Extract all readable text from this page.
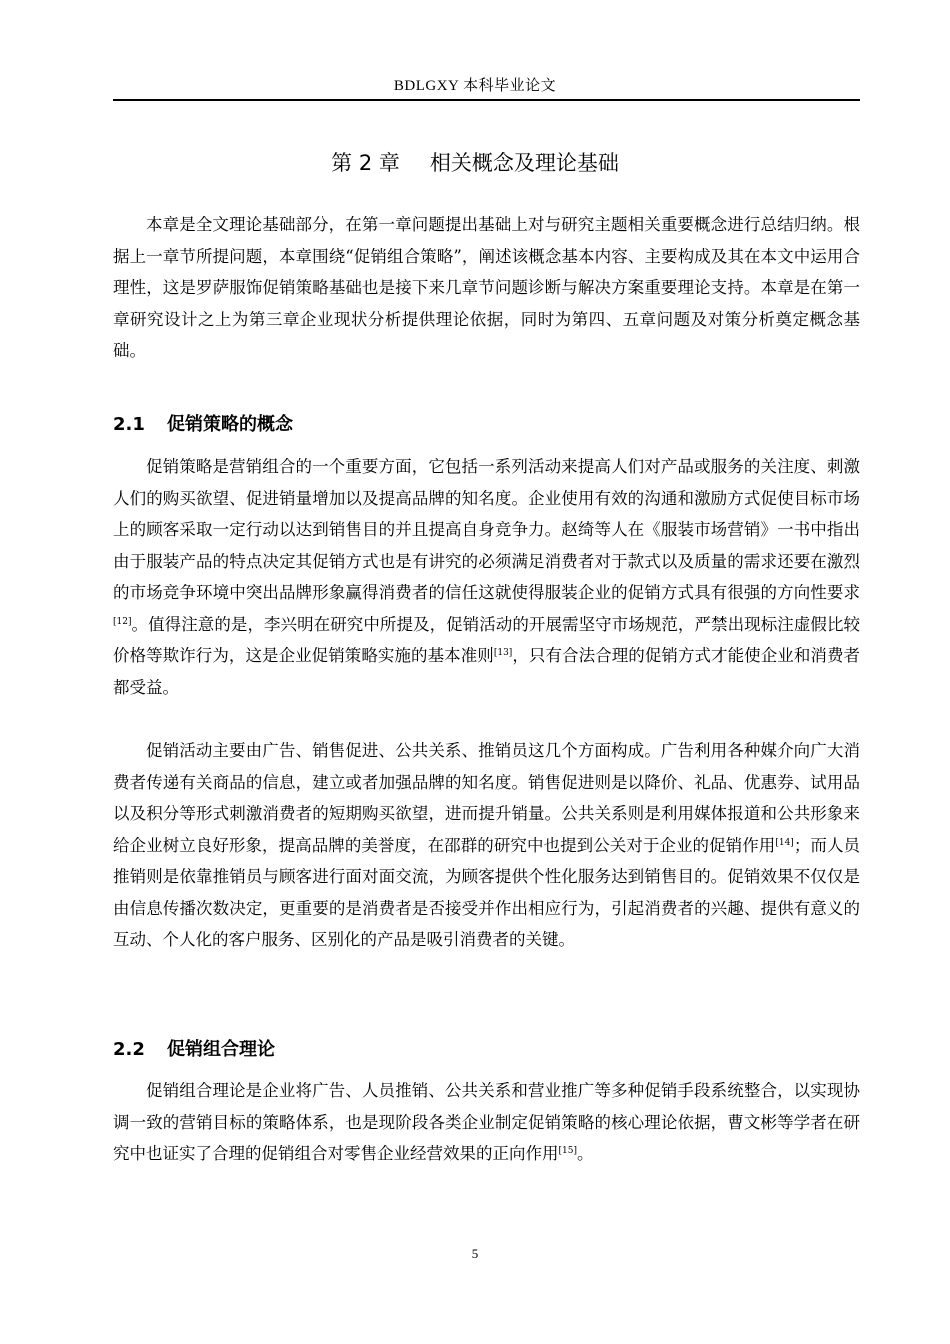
BDLGXY 本科毕业论文
第 2 章 相关概念及理论基础

本章是全文理论基础部分，在第一章问题提出基础上对与研究主题相关重要概念进行总结归纳。根据上一章节所提问题，本章围绕“促销组合策略”，阐述该概念基本内容、主要构成及其在本文中运用合理性，这是罗萨服饰促销策略基础也是接下来几章节问题诊断与解决方案重要理论支持。本章是在第一章研究设计之上为第三章企业现状分析提供理论依据，同时为第四、五章问题及对策分析奠定概念基础。

2.1 促销策略的概念

促销策略是营销组合的一个重要方面，它包括一系列活动来提高人们对产品或服务的关注度、刺激人们的购买欲望、促进销量增加以及提高品牌的知名度。企业使用有效的沟通和激励方式促使目标市场上的顾客采取一定行动以达到销售目的并且提高自身竞争力。赵绮等人在《服装市场营销》一书中指出由于服装产品的特点决定其促销方式也是有讲究的必须满足消费者对于款式以及质量的需求还要在激烈的市场竞争环境中突出品牌形象赢得消费者的信任这就使得服装企业的促销方式具有很强的方向性要求[12]。值得注意的是，李兴明在研究中所提及，促销活动的开展需坚守市场规范，严禁出现标注虚假比较价格等欺诈行为，这是企业促销策略实施的基本准则[13]，只有合法合理的促销方式才能使企业和消费者都受益。

促销活动主要由广告、销售促进、公共关系、推销员这几个方面构成。广告利用各种媒介向广大消费者传递有关商品的信息，建立或者加强品牌的知名度。销售促进则是以降价、礼品、优惠券、试用品以及积分等形式刺激消费者的短期购买欲望，进而提升销量。公共关系则是利用媒体报道和公共形象来给企业树立良好形象，提高品牌的美誉度，在邵群的研究中也提到公关对于企业的促销作用[14]；而人员推销则是依靠推销员与顾客进行面对面交流，为顾客提供个性化服务达到销售目的。促销效果不仅仅是由信息传播次数决定，更重要的是消费者是否接受并作出相应行为，引起消费者的兴趣、提供有意义的互动、个人化的客户服务、区别化的产品是吸引消费者的关键。

2.2 促销组合理论

促销组合理论是企业将广告、人员推销、公共关系和营业推广等多种促销手段系统整合，以实现协调一致的营销目标的策略体系，也是现阶段各类企业制定促销策略的核心理论依据，曹文彬等学者在研究中也证实了合理的促销组合对零售企业经营效果的正向作用[15]。

5
